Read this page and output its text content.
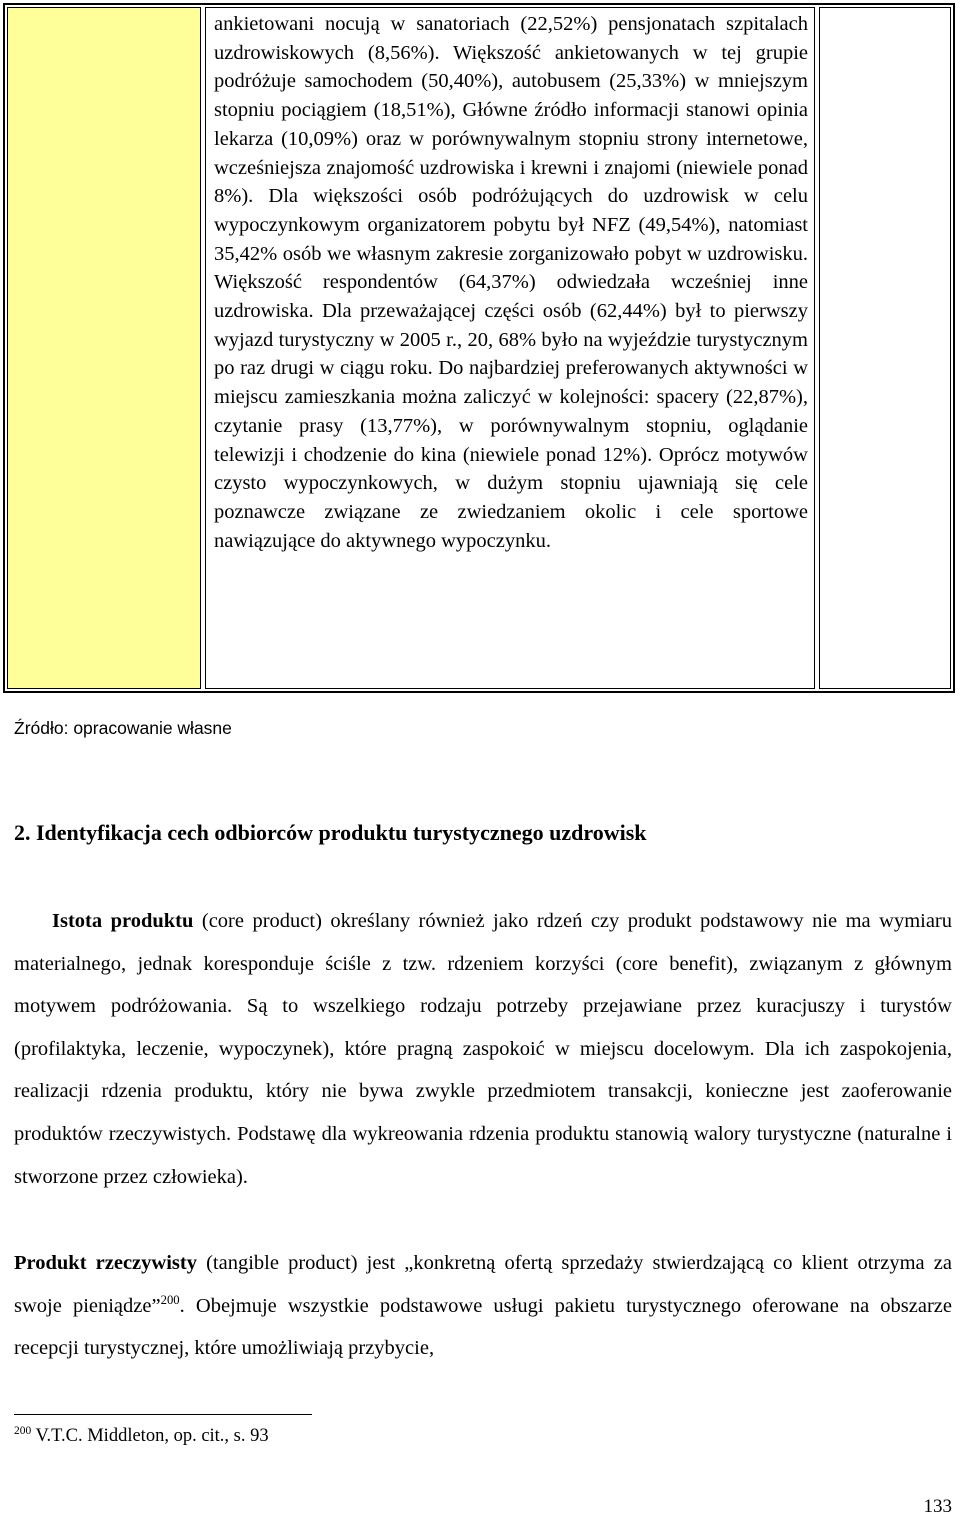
ankietowani nocują w sanatoriach (22,52%) pensjonatach szpitalach uzdrowiskowych (8,56%). Większość ankietowanych w tej grupie podróżuje samochodem (50,40%), autobusem (25,33%) w mniejszym stopniu pociągiem (18,51%), Główne źródło informacji stanowi opinia lekarza (10,09%) oraz w porównywalnym stopniu strony internetowe, wcześniejsza znajomość uzdrowiska i krewni i znajomi (niewiele ponad 8%). Dla większości osób podróżujących do uzdrowisk w celu wypoczynkowym organizatorem pobytu był NFZ (49,54%), natomiast 35,42% osób we własnym zakresie zorganizowało pobyt w uzdrowisku. Większość respondentów (64,37%) odwiedzała wcześniej inne uzdrowiska. Dla przeważającej części osób (62,44%) był to pierwszy wyjazd turystyczny w 2005 r., 20, 68% było na wyjeździe turystycznym po raz drugi w ciągu roku. Do najbardziej preferowanych aktywności w miejscu zamieszkania można zaliczyć w kolejności: spacery (22,87%), czytanie prasy (13,77%), w porównywalnym stopniu, oglądanie telewizji i chodzenie do kina (niewiele ponad 12%). Oprócz motywów czysto wypoczynkowych, w dużym stopniu ujawniają się cele poznawcze związane ze zwiedzaniem okolic i cele sportowe nawiązujące do aktywnego wypoczynku.

Źródło: opracowanie własne

2. Identyfikacja cech odbiorców produktu turystycznego uzdrowisk

Istota produktu (core product) określany również jako rdzeń czy produkt podstawowy nie ma wymiaru materialnego, jednak koresponduje ściśle z tzw. rdzeniem korzyści (core benefit), związanym z głównym motywem podróżowania. Są to wszelkiego rodzaju potrzeby przejawiane przez kuracjuszy i turystów (profilaktyka, leczenie, wypoczynek), które pragną zaspokoić w miejscu docelowym. Dla ich zaspokojenia, realizacji rdzenia produktu, który nie bywa zwykle przedmiotem transakcji, konieczne jest zaoferowanie produktów rzeczywistych. Podstawę dla wykreowania rdzenia produktu stanowią walory turystyczne (naturalne i stworzone przez człowieka).

Produkt rzeczywisty (tangible product) jest „konkretną ofertą sprzedaży stwierdzającą co klient otrzyma za swoje pieniądze”$^{200}$. Obejmuje wszystkie podstawowe usługi pakietu turystycznego oferowane na obszarze recepcji turystycznej, które umożliwiają przybycie,

$^{200}$ V.T.C. Middleton, op. cit., s. 93

133
